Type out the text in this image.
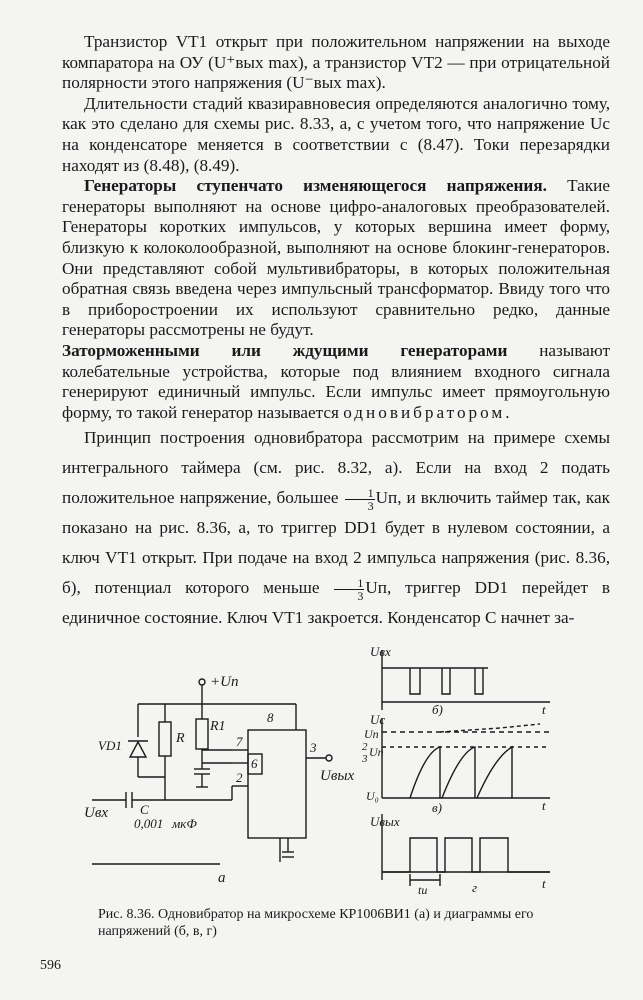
Транзистор VT1 открыт при положительном напряжении на выходе компаратора на ОУ (U⁺вых max), а транзистор VT2 — при отрицательной полярности этого напряжения (U⁻вых max).

Длительности стадий квазиравновесия определяются аналогично тому, как это сделано для схемы рис. 8.33, а, с учетом того, что напряжение Uс на конденсаторе меняется в соответствии с (8.47). Токи перезарядки находят из (8.48), (8.49).

Генераторы ступенчато изменяющегося напряжения. Такие генераторы выполняют на основе цифро-аналоговых преобразователей. Генераторы коротких импульсов, у которых вершина имеет форму, близкую к колоколообразной, выполняют на основе блокинг-генераторов. Они представляют собой мультивибраторы, в которых положительная обратная связь введена через импульсный трансформатор. Ввиду того что в приборостроении их используют сравнительно редко, данные генераторы рассмотрены не будут.

Заторможенными или ждущими генераторами называют колебательные устройства, которые под влиянием входного сигнала генерируют единичный импульс. Если импульс имеет прямоугольную форму, то такой генератор называется одновибратором.

Принцип построения одновибратора рассмотрим на примере схемы интегрального таймера (см. рис. 8.32, а). Если на вход 2 подать положительное напряжение, большее $\frac{1}{3}$ Uп, и включить таймер так, как показано на рис. 8.36, а, то триггер DD1 будет в нулевом состоянии, а ключ VT1 открыт. При подаче на вход 2 импульса напряжения (рис. 8.36, б), потенциал которого меньше $\frac{1}{3}$ Uп, триггер DD1 перейдет в единичное состояние. Ключ VT1 закроется. Конденсатор C начнет за-

+Uп
VD1	R
R1
8
7
6
2
3
Uвых
Uвх C
0,001 мкФ
а
Uвх
б)	t
Uс
Uп
2
3 Uп
U₀
в)	t
Uвых
tи	г	t
Рис. 8.36. Одновибратор на микросхеме КР1006ВИ1 (а) и диаграммы его напряжений (б, в, г)
596
